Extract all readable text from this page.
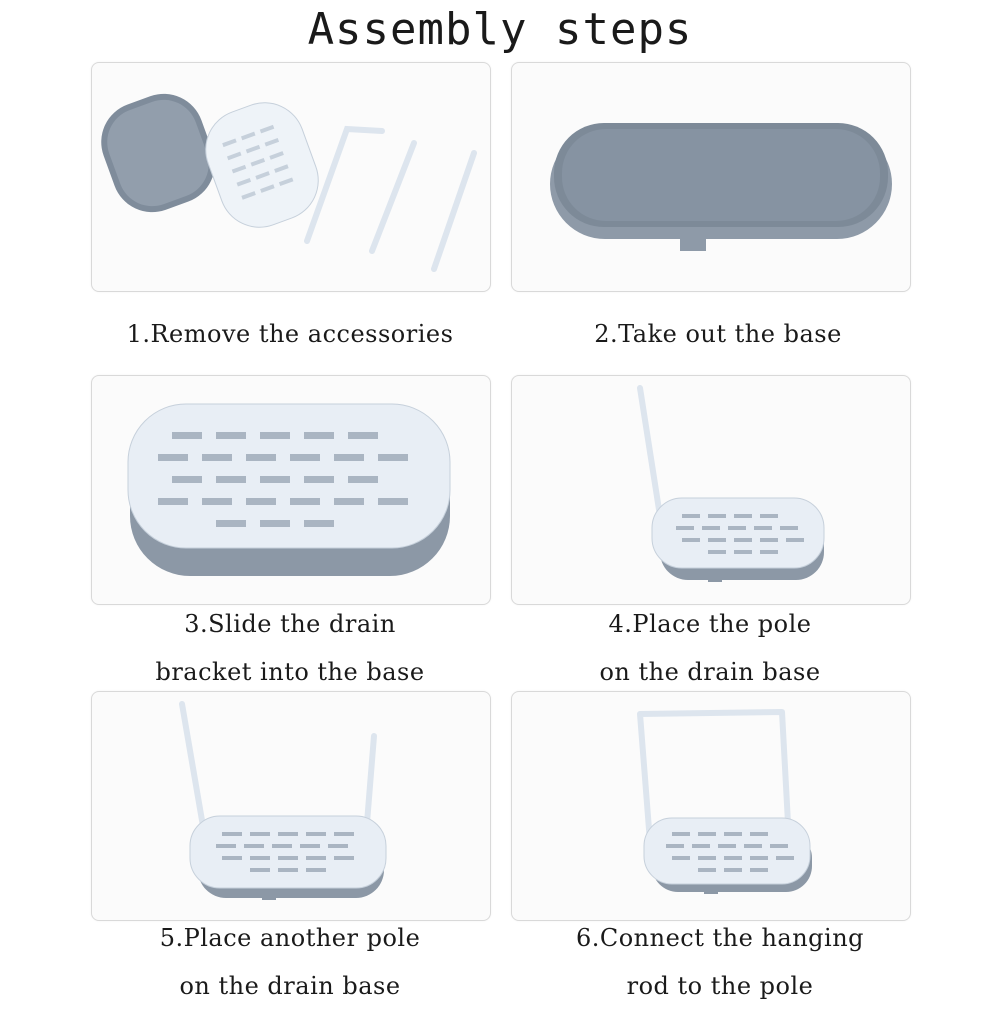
Assembly steps
1.Remove the accessories	2.Take out the base
3.Slide the drain
bracket into the base
4.Place the pole
on the drain base
5.Place another pole
on the drain base
6.Connect the hanging
rod to the pole
